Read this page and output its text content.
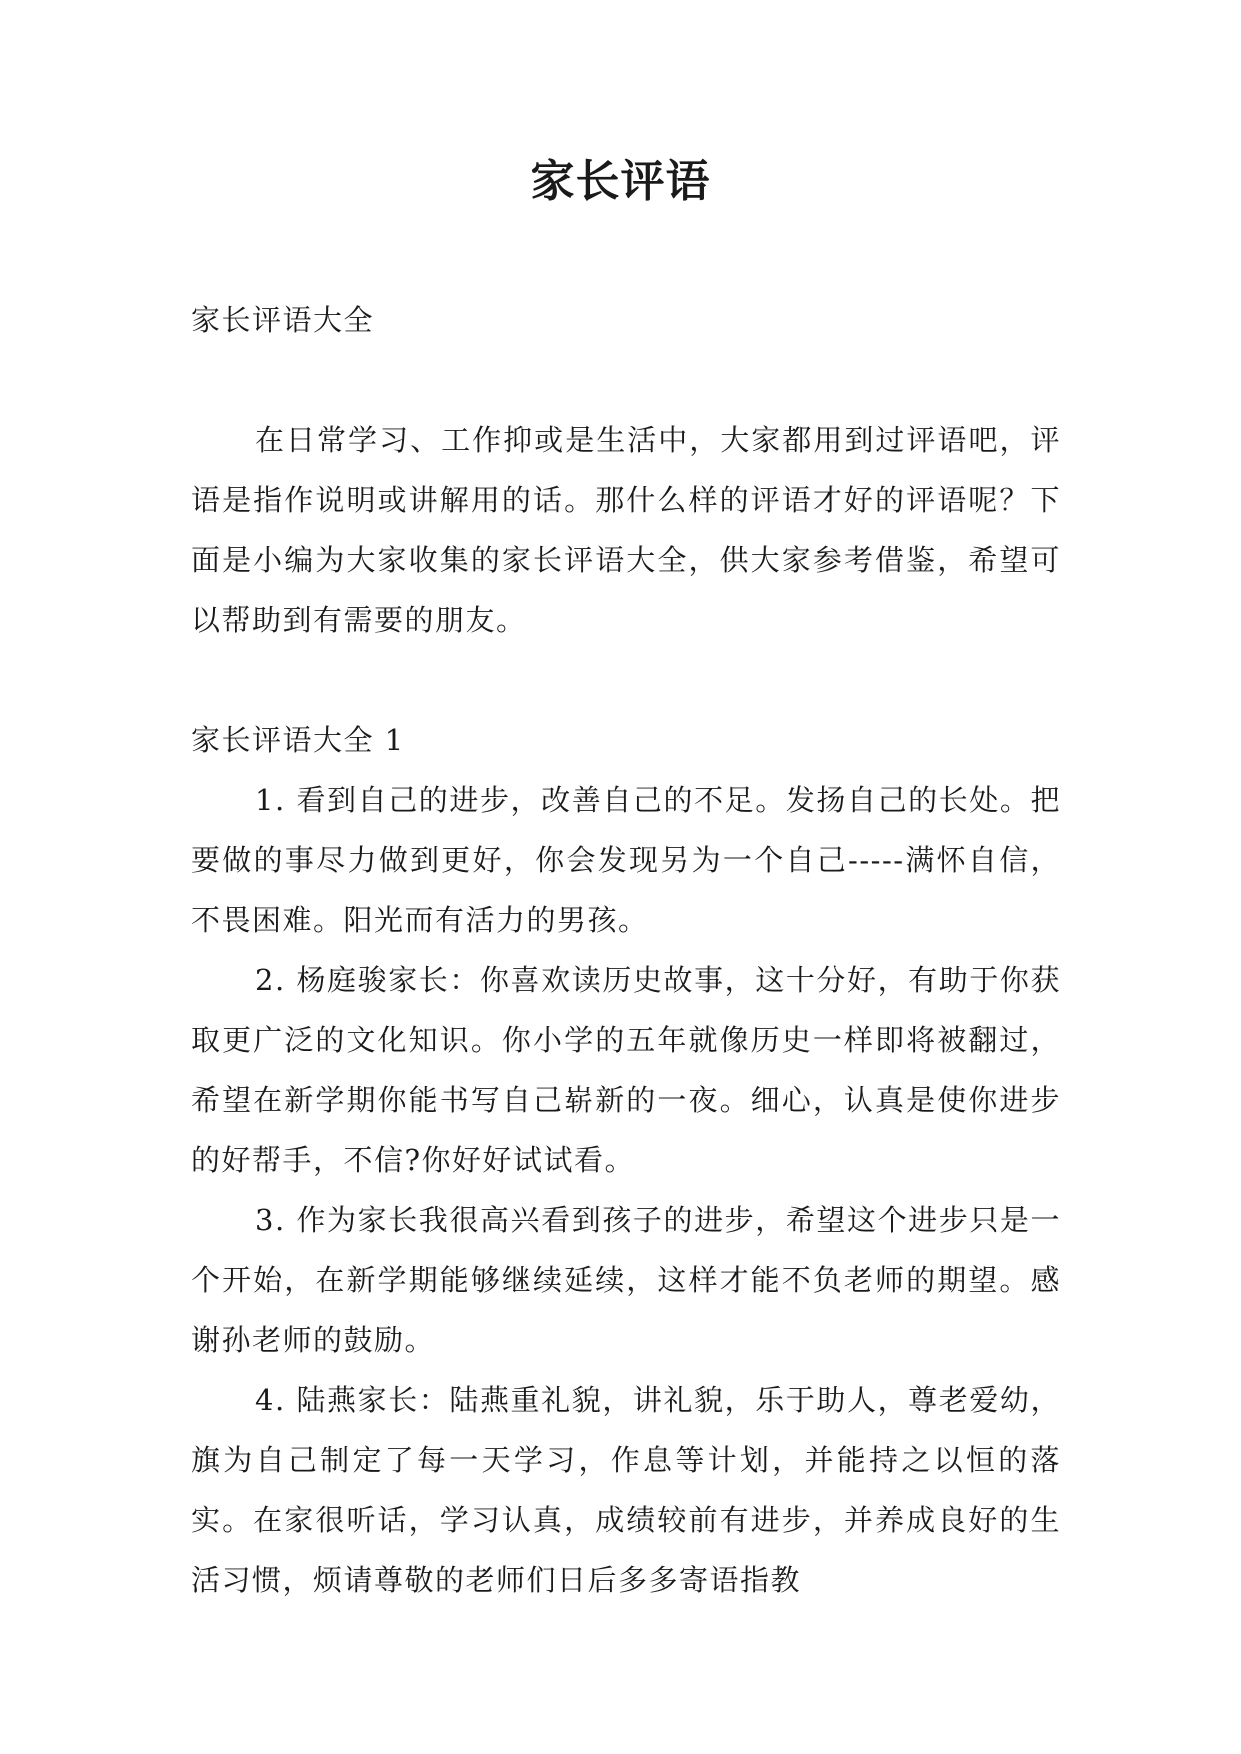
家长评语

家长评语大全

在日常学习、工作抑或是生活中，大家都用到过评语吧，评语是指作说明或讲解用的话。那什么样的评语才好的评语呢？下面是小编为大家收集的家长评语大全，供大家参考借鉴，希望可以帮助到有需要的朋友。

家长评语大全 1

1. 看到自己的进步，改善自己的不足。发扬自己的长处。把要做的事尽力做到更好，你会发现另为一个自己-----满怀自信，不畏困难。阳光而有活力的男孩。

2. 杨庭骏家长：你喜欢读历史故事，这十分好，有助于你获取更广泛的文化知识。你小学的五年就像历史一样即将被翻过，希望在新学期你能书写自己崭新的一夜。细心，认真是使你进步的好帮手，不信?你好好试试看。

3. 作为家长我很高兴看到孩子的进步，希望这个进步只是一个开始，在新学期能够继续延续，这样才能不负老师的期望。感谢孙老师的鼓励。

4. 陆燕家长：陆燕重礼貌，讲礼貌，乐于助人，尊老爱幼，旗为自己制定了每一天学习，作息等计划，并能持之以恒的落实。在家很听话，学习认真，成绩较前有进步，并养成良好的生活习惯，烦请尊敬的老师们日后多多寄语指教
